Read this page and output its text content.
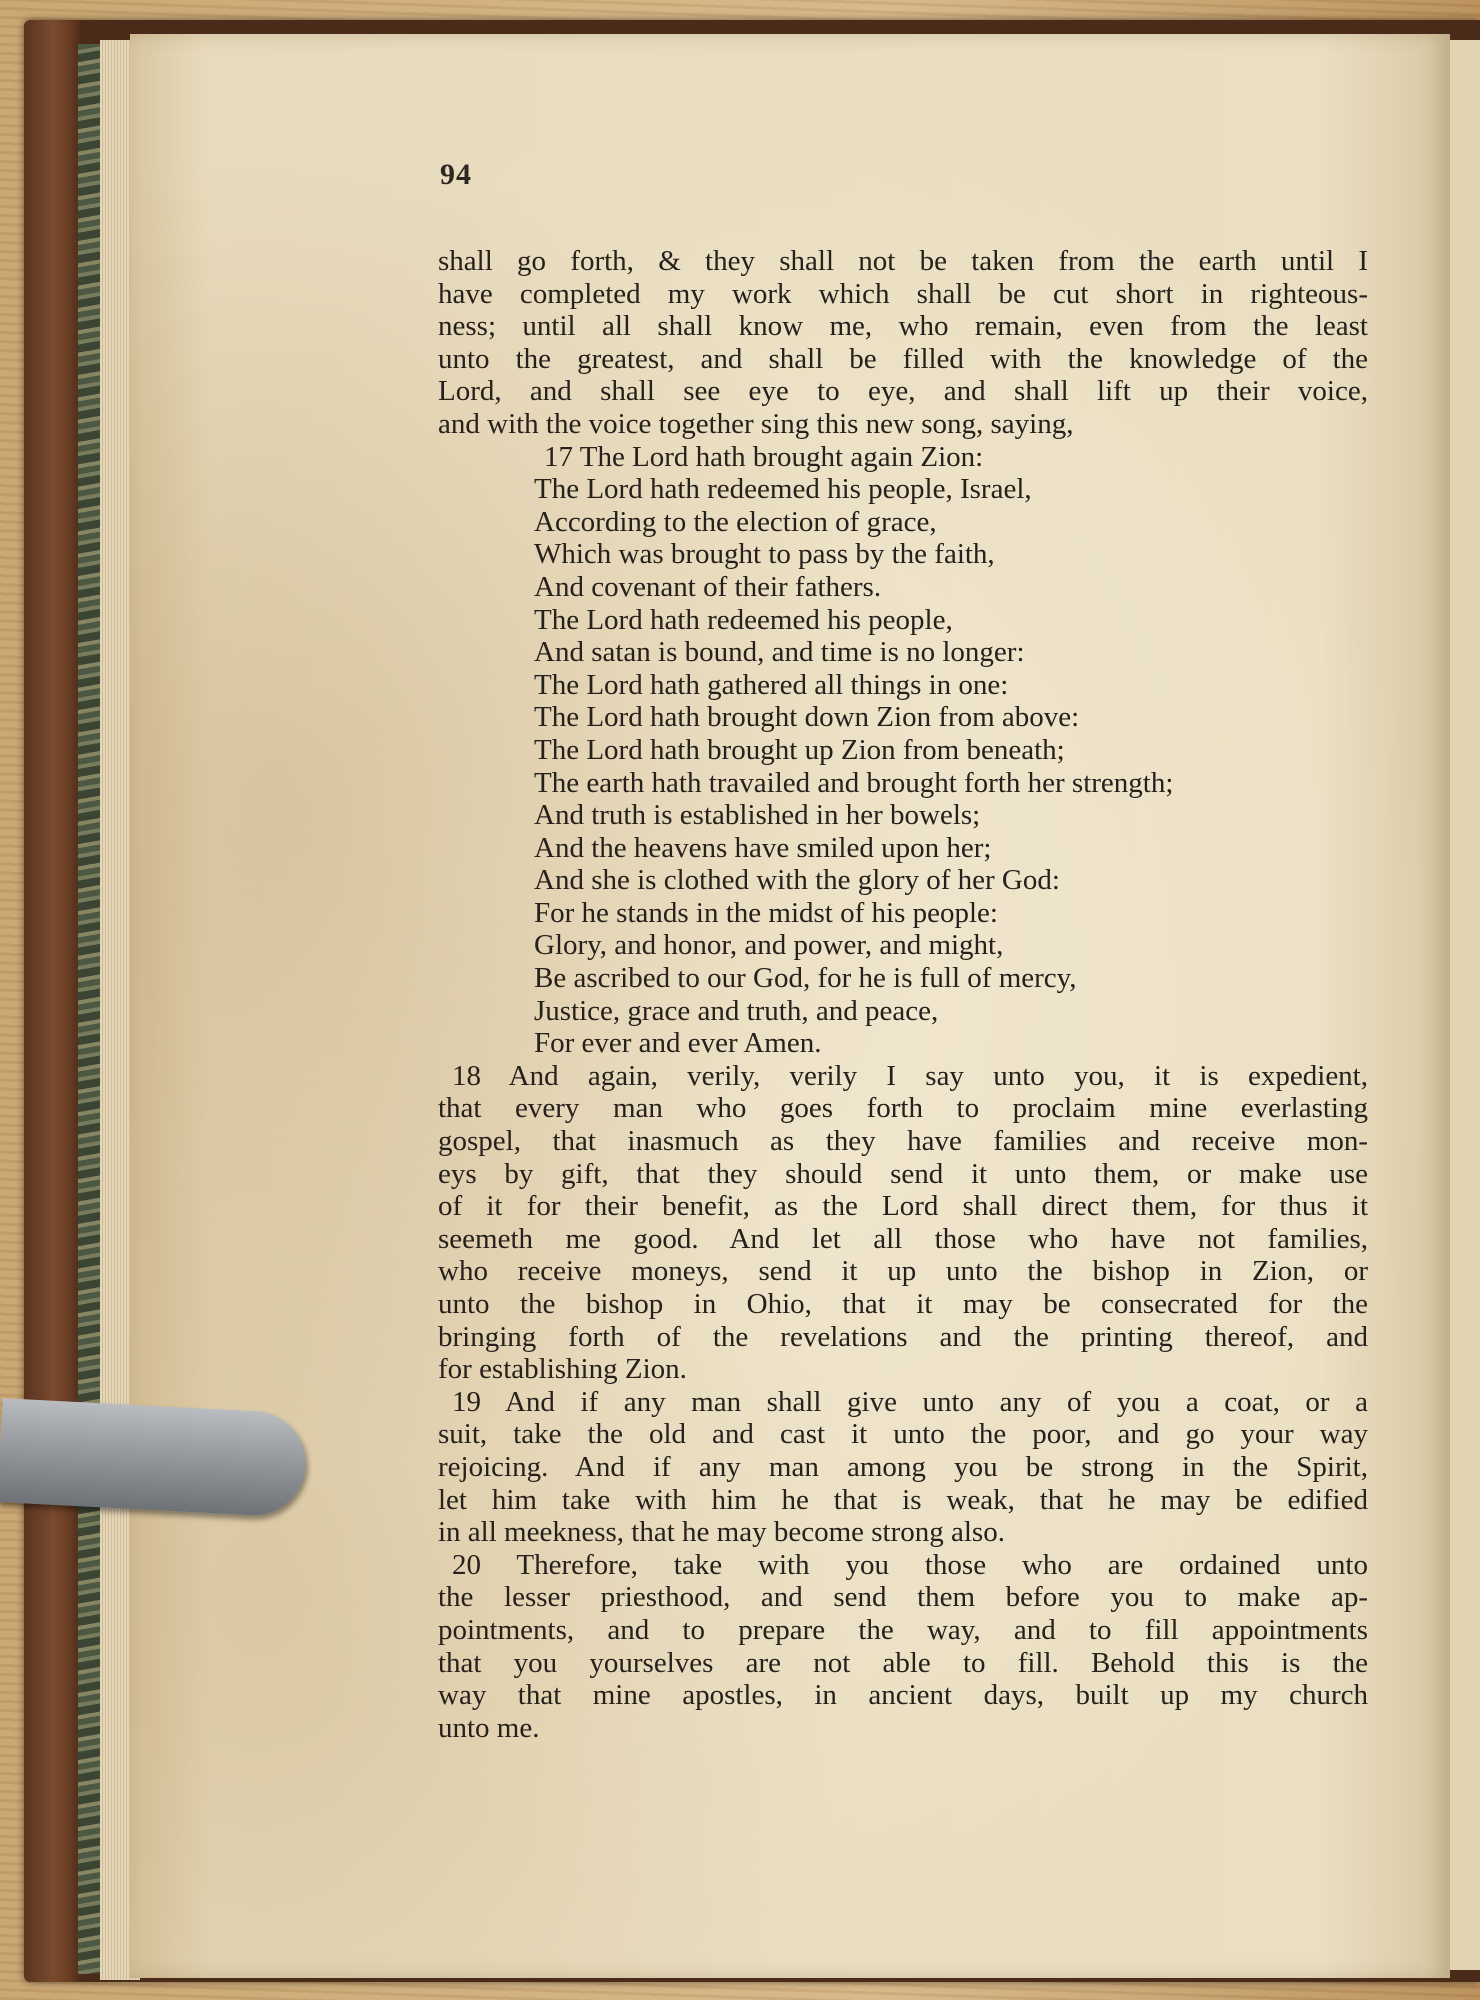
94
shall go forth, & they shall not be taken from the earth until I
have completed my work which shall be cut short in righteous-
ness; until all shall know me, who remain, even from the least
unto the greatest, and shall be filled with the knowledge of the
Lord, and shall see eye to eye, and shall lift up their voice,
and with the voice together sing this new song, saying,
17 The Lord hath brought again Zion:
The Lord hath redeemed his people, Israel,
According to the election of grace,
Which was brought to pass by the faith,
And covenant of their fathers.
The Lord hath redeemed his people,
And satan is bound, and time is no longer:
The Lord hath gathered all things in one:
The Lord hath brought down Zion from above:
The Lord hath brought up Zion from beneath;
The earth hath travailed and brought forth her strength;
And truth is established in her bowels;
And the heavens have smiled upon her;
And she is clothed with the glory of her God:
For he stands in the midst of his people:
Glory, and honor, and power, and might,
Be ascribed to our God, for he is full of mercy,
Justice, grace and truth, and peace,
For ever and ever Amen.
18 And again, verily, verily I say unto you, it is expedient,
that every man who goes forth to proclaim mine everlasting
gospel, that inasmuch as they have families and receive mon-
eys by gift, that they should send it unto them, or make use
of it for their benefit, as the Lord shall direct them, for thus it
seemeth me good. And let all those who have not families,
who receive moneys, send it up unto the bishop in Zion, or
unto the bishop in Ohio, that it may be consecrated for the
bringing forth of the revelations and the printing thereof, and
for establishing Zion.
19 And if any man shall give unto any of you a coat, or a
suit, take the old and cast it unto the poor, and go your way
rejoicing. And if any man among you be strong in the Spirit,
let him take with him he that is weak, that he may be edified
in all meekness, that he may become strong also.
20 Therefore, take with you those who are ordained unto
the lesser priesthood, and send them before you to make ap-
pointments, and to prepare the way, and to fill appointments
that you yourselves are not able to fill. Behold this is the
way that mine apostles, in ancient days, built up my church
unto me.
